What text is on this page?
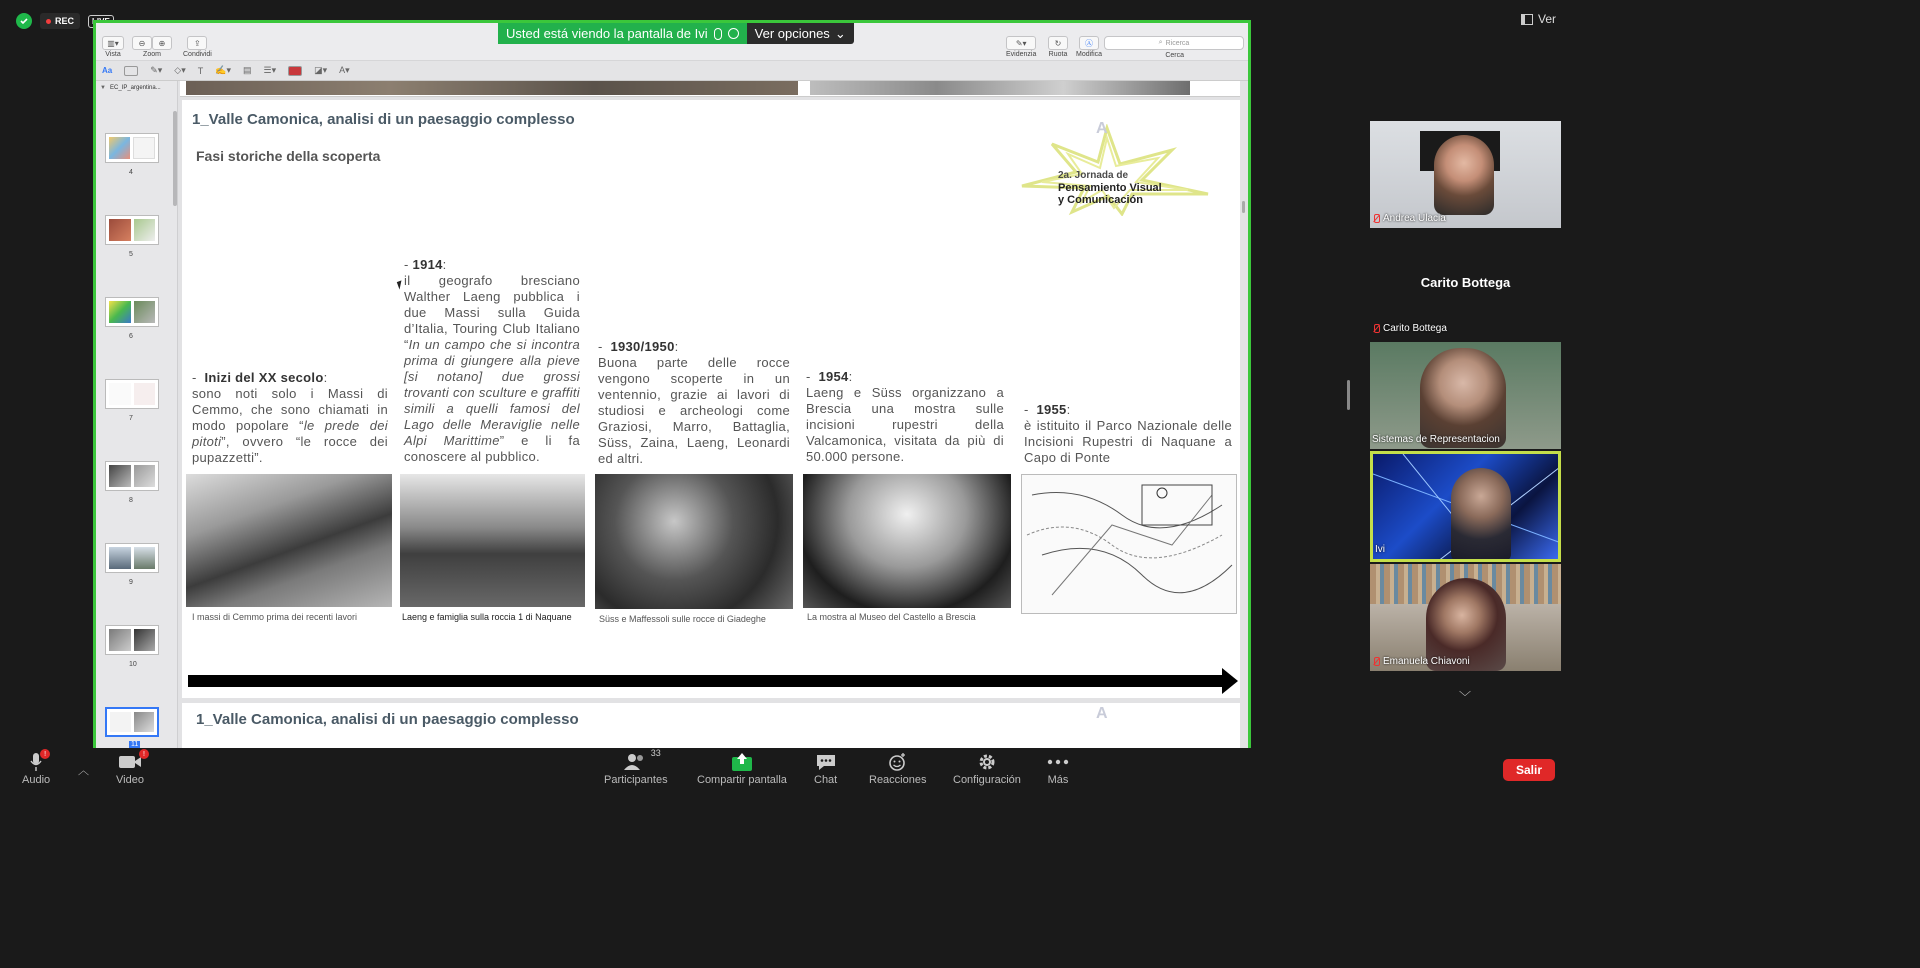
REC	Ver
Usted está viendo la pantalla de Ivi	Ver opciones ⌄
▥▾
Vista
⊖	⊕
Zoom
⇪
Condividi
✎▾
Evidenzia
↻
Ruota
Ⓐ
Modifica
⌕ Ricerca
Cerca
Aa	✎▾ ◇▾ T ✍▾ ▤ ☰▾	◪▾ A▾
▼ EC_IP_argentina...
4
5
6
7
8
9
10
11
1_Valle Camonica, analisi di un paesaggio complesso
Fasi storiche della scoperta
A
2a. Jornada de
Pensamiento Visual
y Comunicación
-  Inizi del XX secolo:
sono noti solo i Massi di Cemmo, che sono chiamati in modo popolare “le prede dei pitoti”, ovvero “le rocce dei pupazzetti”.
- 1914:
il geografo bresciano Walther Laeng pubblica i due Massi sulla Guida d’Italia, Touring Club Italiano “In un campo che si incontra prima di giungere alla pieve [si notano] due grossi trovanti con sculture e graffiti simili a quelli famosi del Lago delle Meraviglie nelle Alpi Marittime” e li fa conoscere al pubblico.
-  1930/1950:
Buona parte delle rocce vengono scoperte in un ventennio, grazie ai lavori di studiosi e archeologi come Graziosi, Marro, Battaglia, Süss, Zaina, Laeng, Leonardi ed altri.
-  1954:
Laeng e Süss organizzano a Brescia una mostra sulle incisioni rupestri della Valcamonica, visitata da più di 50.000 persone.
-  1955:
è istituito il Parco Nazionale delle Incisioni Rupestri di Naquane a Capo di Ponte
I massi di Cemmo prima dei recenti lavori	Laeng e famiglia sulla roccia 1 di Naquane	Süss e Maffessoli sulle rocce di Giadeghe	La mostra al Museo del Castello a Brescia
1_Valle Camonica, analisi di un paesaggio complesso	A
Andrea Ulacia
Carito Bottega
Carito Bottega
Sistemas de Representacion
Ivi
Emanuela Chiavoni
﹀
!
Audio
︿
!
Video
33
Participantes	Compartir pantalla Chat	Reacciones Configuración Más
Salir
